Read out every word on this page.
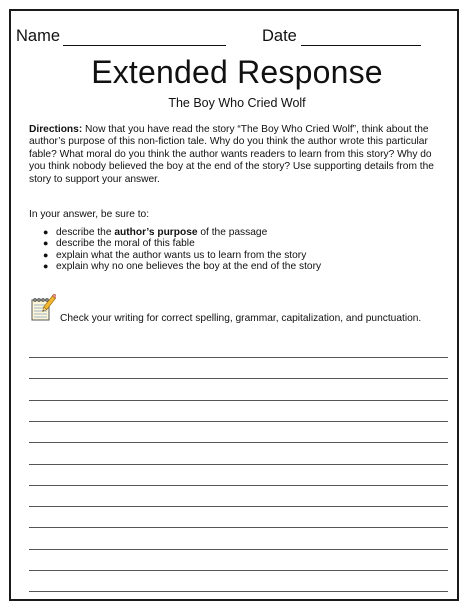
Name	Date
Extended Response
The Boy Who Cried Wolf

Directions: Now that you have read the story “The Boy Who Cried Wolf”, think about the author’s purpose of this non-fiction tale. Why do you think the author wrote this particular fable? What moral do you think the author wants readers to learn from this story? Why do you think nobody believed the boy at the end of the story? Use supporting details from the story to support your answer.

In your answer, be sure to:

● describe the author’s purpose of the passage
● describe the moral of this fable
● explain what the author wants us to learn from the story
● explain why no one believes the boy at the end of the story

Check your writing for correct spelling, grammar, capitalization, and punctuation.
